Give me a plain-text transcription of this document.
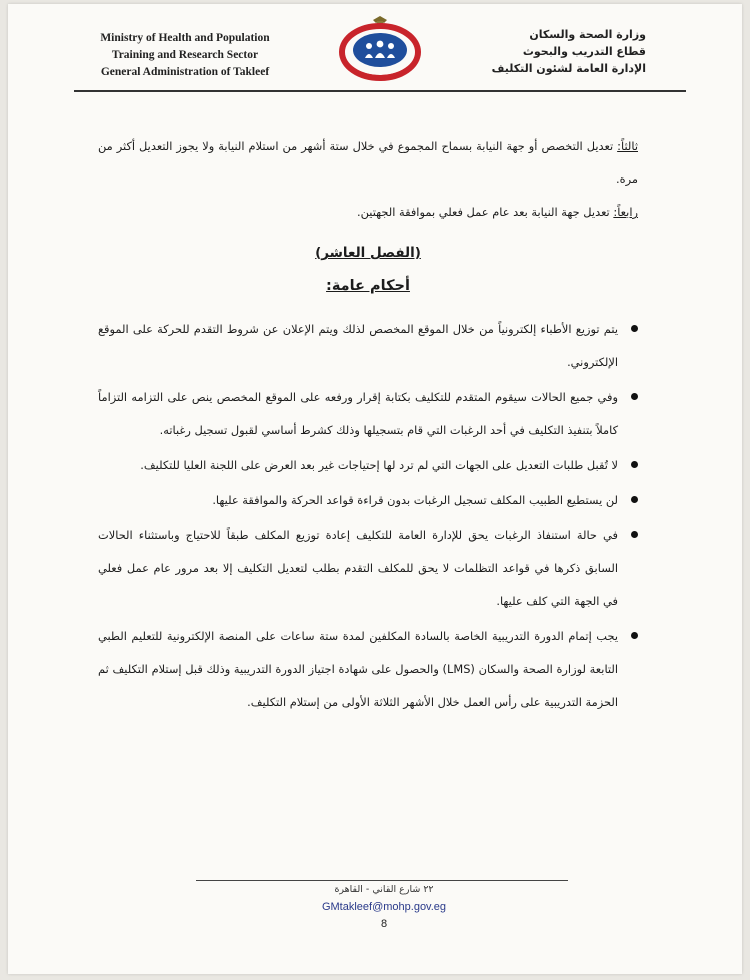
Ministry of Health and Population
Training and Research Sector
General Administration of Takleef
وزارة الصحة والسكان
قطاع التدريب والبحوث
الإدارة العامة لشئون التكليف

ثالثاً: تعديل التخصص أو جهة النيابة بسماح المجموع في خلال ستة أشهر من استلام النيابة ولا يجوز التعديل أكثر من مرة.

رابعاً: تعديل جهة النيابة بعد عام عمل فعلي بموافقة الجهتين.

(الفصل العاشر)
أحكام عامة:
يتم توزيع الأطباء إلكترونياً من خلال الموقع المخصص لذلك ويتم الإعلان عن شروط التقدم للحركة على الموقع الإلكتروني.
وفي جميع الحالات سيقوم المتقدم للتكليف بكتابة إقرار ورفعه على الموقع المخصص ينص على التزامه التزاماً كاملاً بتنفيذ التكليف في أحد الرغبات التي قام بتسجيلها وذلك كشرط أساسي لقبول تسجيل رغباته.
لا تُقبل طلبات التعديل على الجهات التي لم ترد لها إحتياجات غير بعد العرض على اللجنة العليا للتكليف.
لن يستطيع الطبيب المكلف تسجيل الرغبات بدون قراءة قواعد الحركة والموافقة عليها.
في حالة استنفاذ الرغبات يحق للإدارة العامة للتكليف إعادة توزيع المكلف طبقاً للاحتياج وباستثناء الحالات السابق ذكرها في قواعد التظلمات لا يحق للمكلف التقدم بطلب لتعديل التكليف إلا بعد مرور عام عمل فعلي في الجهة التي كلف عليها.
يجب إتمام الدورة التدريبية الخاصة بالسادة المكلفين لمدة ستة ساعات على المنصة الإلكترونية للتعليم الطبي التابعة لوزارة الصحة والسكان (LMS) والحصول على شهادة اجتياز الدورة التدريبية وذلك قبل إستلام التكليف ثم الحزمة التدريبية على رأس العمل خلال الأشهر الثلاثة الأولى من إستلام التكليف.
٢٢ شارع القاني - القاهرة
GMtakleef@mohp.gov.eg
8
